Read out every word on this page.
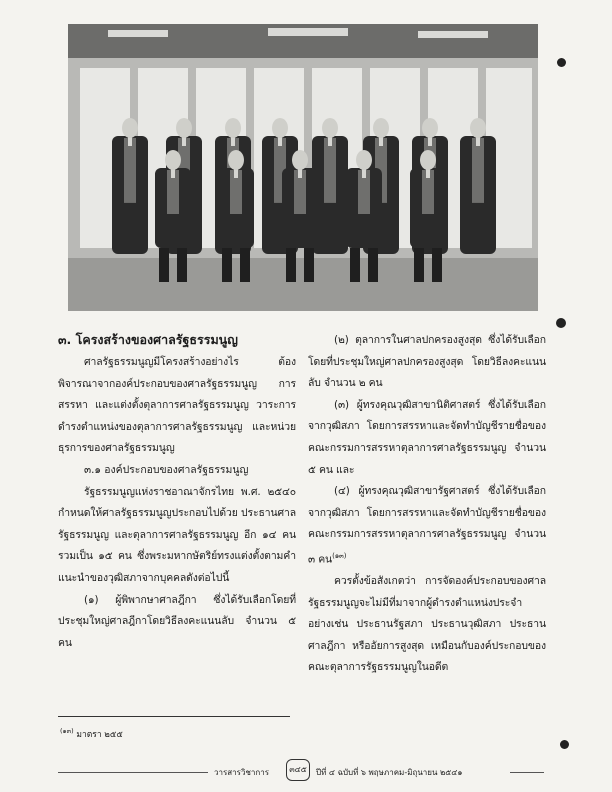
๓. โครงสร้างของศาลรัฐธรรมนูญ

ศาลรัฐธรรมนูญมีโครงสร้างอย่างไร ต้องพิจารณาจากองค์ประกอบของศาลรัฐธรรมนูญ การสรรหา และแต่งตั้งตุลาการศาลรัฐธรรมนูญ วาระการดำรงตำแหน่งของตุลาการศาลรัฐธรรมนูญ และหน่วยธุรการของศาลรัฐธรรมนูญ

๓.๑ องค์ประกอบของศาลรัฐธรรมนูญ

รัฐธรรมนูญแห่งราชอาณาจักรไทย พ.ศ. ๒๕๔๐ กำหนดให้ศาลรัฐธรรมนูญประกอบไปด้วย ประธานศาลรัฐธรรมนูญ และตุลาการศาลรัฐธรรมนูญ อีก ๑๔ คน รวมเป็น ๑๕ คน ซึ่งพระมหากษัตริย์ทรงแต่งตั้งตามคำแนะนำของวุฒิสภาจากบุคคลดังต่อไปนี้

(๑) ผู้พิพากษาศาลฎีกา ซึ่งได้รับเลือกโดยที่ประชุมใหญ่ศาลฎีกาโดยวิธีลงคะแนนลับ จำนวน ๕ คน

(๒) ตุลาการในศาลปกครองสูงสุด ซึ่งได้รับเลือกโดยที่ประชุมใหญ่ศาลปกครองสูงสุด โดยวิธีลงคะแนนลับ จำนวน ๒ คน

(๓) ผู้ทรงคุณวุฒิสาขานิติศาสตร์ ซึ่งได้รับเลือกจากวุฒิสภา โดยการสรรหาและจัดทำบัญชีรายชื่อของคณะกรรมการสรรหาตุลาการศาลรัฐธรรมนูญ จำนวน ๕ คน และ

(๔) ผู้ทรงคุณวุฒิสาขารัฐศาสตร์ ซึ่งได้รับเลือกจากวุฒิสภา โดยการสรรหาและจัดทำบัญชีรายชื่อของคณะกรรมการสรรหาตุลาการศาลรัฐธรรมนูญ จำนวน ๓ คน$^{(๑๓)}$

ควรตั้งข้อสังเกตว่า การจัดองค์ประกอบของศาลรัฐธรรมนูญจะไม่มีที่มาจากผู้ดำรงตำแหน่งประจำ อย่างเช่น ประธานรัฐสภา ประธานวุฒิสภา ประธานศาลฎีกา หรืออัยการสูงสุด เหมือนกับองค์ประกอบของคณะตุลาการรัฐธรรมนูญในอดีต

$^{(๑๓)}$ มาตรา ๒๕๕
วารสารวิชาการ	๓๔๕	ปีที่ ๔ ฉบับที่ ๖ พฤษภาคม-มิถุนายน ๒๕๔๑
